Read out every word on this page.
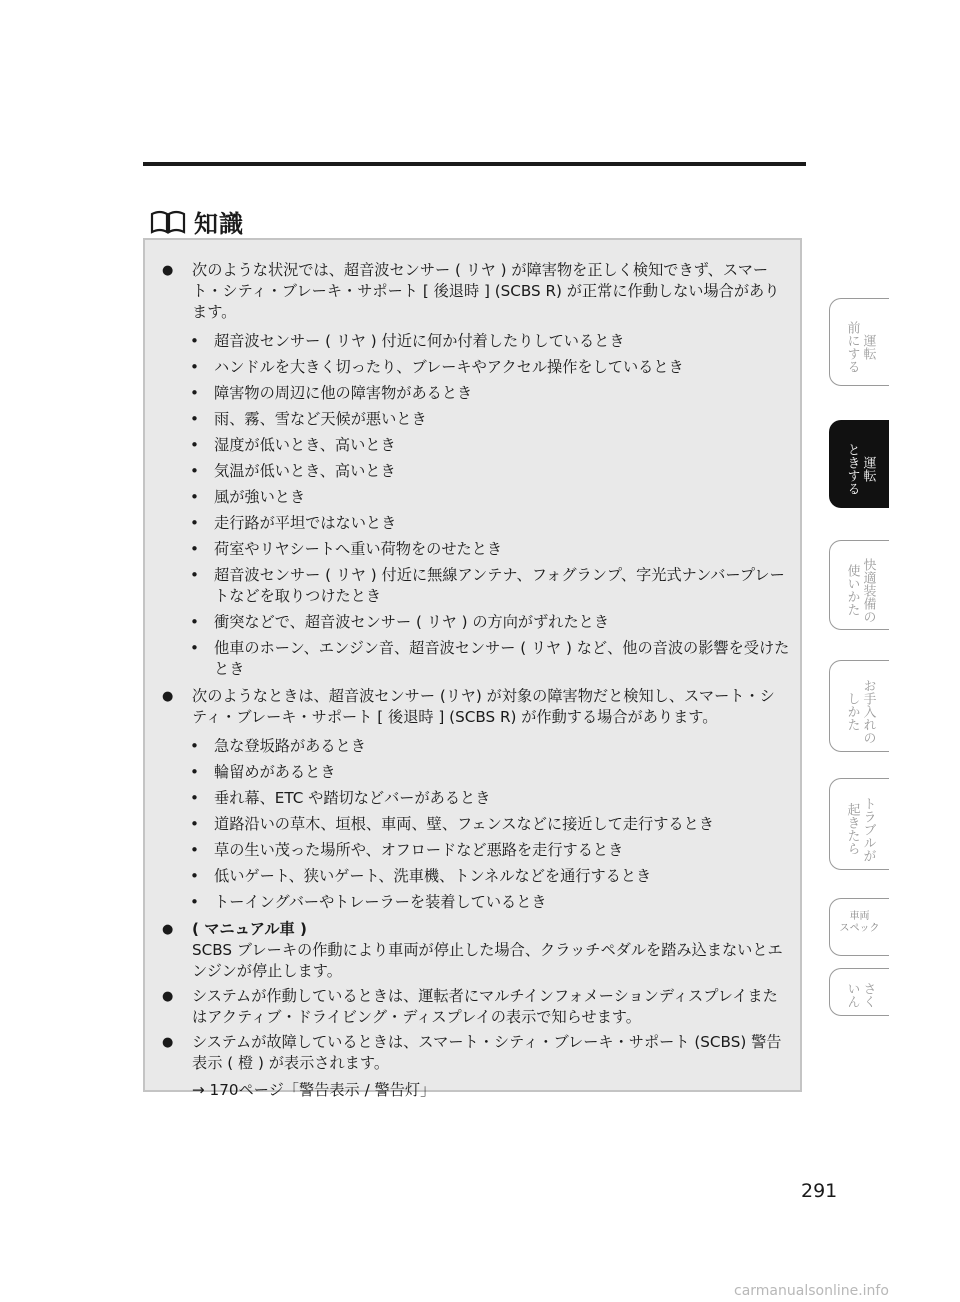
知識
● 次のような状況では、超音波センサー ( リヤ ) が障害物を正しく検知できず、スマート・シティ・ブレーキ・サポート [ 後退時 ] (SCBS R) が正常に作動しない場合があります。
• 超音波センサー ( リヤ ) 付近に何か付着したりしているとき
• ハンドルを大きく切ったり、ブレーキやアクセル操作をしているとき
• 障害物の周辺に他の障害物があるとき
• 雨、霧、雪など天候が悪いとき
• 湿度が低いとき、高いとき
• 気温が低いとき、高いとき
• 風が強いとき
• 走行路が平坦ではないとき
• 荷室やリヤシートへ重い荷物をのせたとき
• 超音波センサー ( リヤ ) 付近に無線アンテナ、フォグランプ、字光式ナンバープレートなどを取りつけたとき
• 衝突などで、超音波センサー ( リヤ ) の方向がずれたとき
• 他車のホーン、エンジン音、超音波センサー ( リヤ ) など、他の音波の影響を受けたとき
● 次のようなときは、超音波センサー (リヤ) が対象の障害物だと検知し、スマート・シティ・ブレーキ・サポート [ 後退時 ] (SCBS R) が作動する場合があります。
• 急な登坂路があるとき
• 輪留めがあるとき
• 垂れ幕、ETC や踏切などバーがあるとき
• 道路沿いの草木、垣根、車両、壁、フェンスなどに接近して走行するとき
• 草の生い茂った場所や、オフロードなど悪路を走行するとき
• 低いゲート、狭いゲート、洗車機、トンネルなどを通行するとき
• トーイングバーやトレーラーを装着しているとき
● ( マニュアル車 )
SCBS ブレーキの作動により車両が停止した場合、クラッチペダルを踏み込まないとエンジンが停止します。
● システムが作動しているときは、運転者にマルチインフォメーションディスプレイまたはアクティブ・ドライビング・ディスプレイの表示で知らせます。
● システムが故障しているときは、スマート・シティ・ブレーキ・サポート (SCBS) 警告表示 ( 橙 ) が表示されます。
→ 170ページ「警告表示 / 警告灯」
運転
前にする
運転
ときする
快適装備の
使いかた
お手入れの
しかた
トラブルが
起きたら
車両
スペック
さく
いん
291
carmanualsonline.info
